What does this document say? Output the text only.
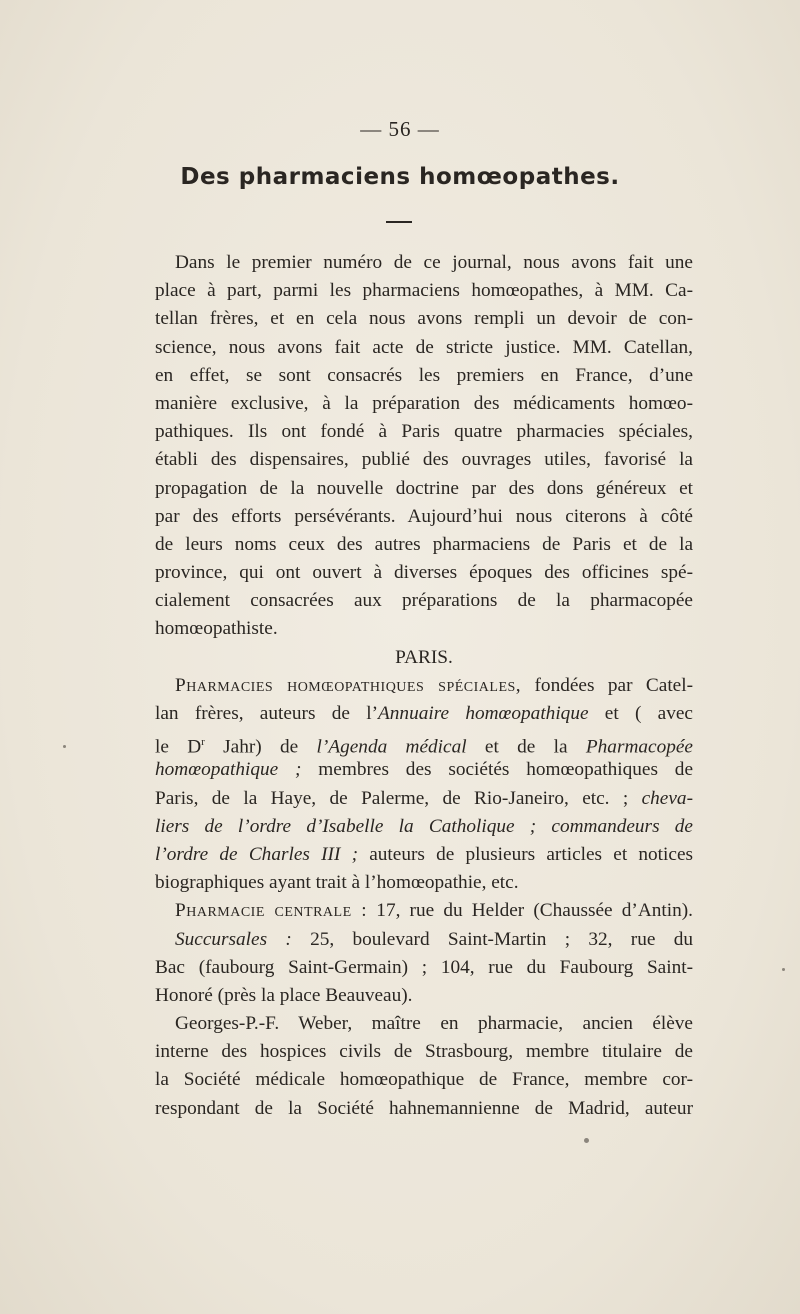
— 56 —
Des pharmaciens homœopathes.
Dans le premier numéro de ce journal, nous avons fait une
place à part, parmi les pharmaciens homœopathes, à MM. Ca-
tellan frères, et en cela nous avons rempli un devoir de con-
science, nous avons fait acte de stricte justice. MM. Catellan,
en effet, se sont consacrés les premiers en France, d’une
manière exclusive, à la préparation des médicaments homœo-
pathiques. Ils ont fondé à Paris quatre pharmacies spéciales,
établi des dispensaires, publié des ouvrages utiles, favorisé la
propagation de la nouvelle doctrine par des dons généreux et
par des efforts persévérants. Aujourd’hui nous citerons à côté
de leurs noms ceux des autres pharmaciens de Paris et de la
province, qui ont ouvert à diverses époques des officines spé-
cialement consacrées aux préparations de la pharmacopée
homœopathiste.
PARIS.
Pharmacies homœopathiques spéciales, fondées par Catel-
lan frères, auteurs de l’Annuaire homœopathique et ( avec
le $D^r$ Jahr) de l’Agenda médical et de la Pharmacopée
homœopathique ; membres des sociétés homœopathiques de
Paris, de la Haye, de Palerme, de Rio-Janeiro, etc. ; cheva-
liers de l’ordre d’Isabelle la Catholique ; commandeurs de
l’ordre de Charles III ; auteurs de plusieurs articles et notices
biographiques ayant trait à l’homœopathie, etc.
Pharmacie centrale : 17, rue du Helder (Chaussée d’Antin).
Succursales : 25, boulevard Saint-Martin ; 32, rue du
Bac (faubourg Saint-Germain) ; 104, rue du Faubourg Saint-
Honoré (près la place Beauveau).
Georges-P.-F. Weber, maître en pharmacie, ancien élève
interne des hospices civils de Strasbourg, membre titulaire de
la Société médicale homœopathique de France, membre cor-
respondant de la Société hahnemannienne de Madrid, auteur
